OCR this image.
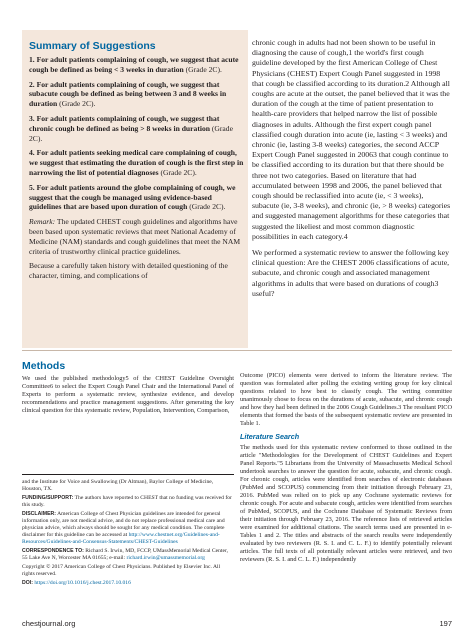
Summary of Suggestions

1. For adult patients complaining of cough, we suggest that acute cough be defined as being < 3 weeks in duration (Grade 2C).

2. For adult patients complaining of cough, we suggest that subacute cough be defined as being between 3 and 8 weeks in duration (Grade 2C).

3. For adult patients complaining of cough, we suggest that chronic cough be defined as being > 8 weeks in duration (Grade 2C).

4. For adult patients seeking medical care complaining of cough, we suggest that estimating the duration of cough is the first step in narrowing the list of potential diagnoses (Grade 2C).

5. For adult patients around the globe complaining of cough, we suggest that the cough be managed using evidence-based guidelines that are based upon duration of cough (Grade 2C).

Remark: The updated CHEST cough guidelines and algorithms have been based upon systematic reviews that meet National Academy of Medicine (NAM) standards and cough guidelines that meet the NAM criteria of trustworthy clinical practice guidelines.

Because a carefully taken history with detailed questioning of the character, timing, and complications of

chronic cough in adults had not been shown to be useful in diagnosing the cause of cough,1 the world's first cough guideline developed by the first American College of Chest Physicians (CHEST) Expert Cough Panel suggested in 1998 that cough be classified according to its duration.2 Although all coughs are acute at the outset, the panel believed that it was the duration of the cough at the time of patient presentation to health-care providers that helped narrow the list of possible diagnoses in adults. Although the first expert cough panel classified cough duration into acute (ie, lasting < 3 weeks) and chronic (ie, lasting 3-8 weeks) categories, the second ACCP Expert Cough Panel suggested in 20063 that cough continue to be classified according to its duration but that there should be three not two categories. Based on literature that had accumulated between 1998 and 2006, the panel believed that cough should be reclassified into acute (ie, < 3 weeks), subacute (ie, 3-8 weeks), and chronic (ie, > 8 weeks) categories and suggested management algorithms for these categories that suggested the likeliest and most common diagnostic possibilities in each category.4

We performed a systematic review to answer the following key clinical question: Are the CHEST 2006 classifications of acute, subacute, and chronic cough and associated management algorithms in adults that were based on durations of cough3 useful?

Methods

We used the published methodology5 of the CHEST Guideline Oversight Committee6 to select the Expert Cough Panel Chair and the International Panel of Experts to perform a systematic review, synthesize evidence, and develop recommendations and practice management suggestions. After generating the key clinical question for this systematic review, Population, Intervention, Comparison,

Outcome (PICO) elements were derived to inform the literature review. The question was formulated after polling the existing writing group for key clinical questions related to how best to classify cough. The writing committee unanimously chose to focus on the durations of acute, subacute, and chronic cough and how they had been defined in the 2006 Cough Guidelines.3 The resultant PICO elements that formed the basis of the subsequent systematic review are presented in Table 1.

Literature Search

The methods used for this systematic review conformed to those outlined in the article "Methodologies for the Development of CHEST Guidelines and Expert Panel Reports."5 Librarians from the University of Massachusetts Medical School undertook searches to answer the question for acute, subacute, and chronic cough. For chronic cough, articles were identified from searches of electronic databases (PubMed and SCOPUS) commencing from their initiation through February 23, 2016. PubMed was relied on to pick up any Cochrane systematic reviews for chronic cough. For acute and subacute cough, articles were identified from searches of PubMed, SCOPUS, and the Cochrane Database of Systematic Reviews from their initiation through February 23, 2016. The reference lists of retrieved articles were examined for additional citations. The search terms used are presented in e-Tables 1 and 2. The titles and abstracts of the search results were independently evaluated by two reviewers (R. S. I. and C. L. F.) to identify potentially relevant articles. The full texts of all potentially relevant articles were retrieved, and two reviewers (R. S. I. and C. L. F.) independently

and the Institute for Voice and Swallowing (Dr Altman), Baylor College of Medicine, Houston, TX.

FUNDING/SUPPORT: The authors have reported to CHEST that no funding was received for this study.

DISCLAIMER: American College of Chest Physician guidelines are intended for general information only, are not medical advice, and do not replace professional medical care and physician advice, which always should be sought for any medical condition. The complete disclaimer for this guideline can be accessed at http://www.chestnet.org/Guidelines-and-Resources/Guidelines-and-Consensus-Statements/CHEST-Guidelines

CORRESPONDENCE TO: Richard S. Irwin, MD, FCCP, UMassMemorial Medical Center, 55 Lake Ave N, Worcester MA 01655; e-mail: richard.irwin@umassmemorial.org

Copyright © 2017 American College of Chest Physicians. Published by Elsevier Inc. All rights reserved.

DOI: https://doi.org/10.1016/j.chest.2017.10.016

chestjournal.org	197
